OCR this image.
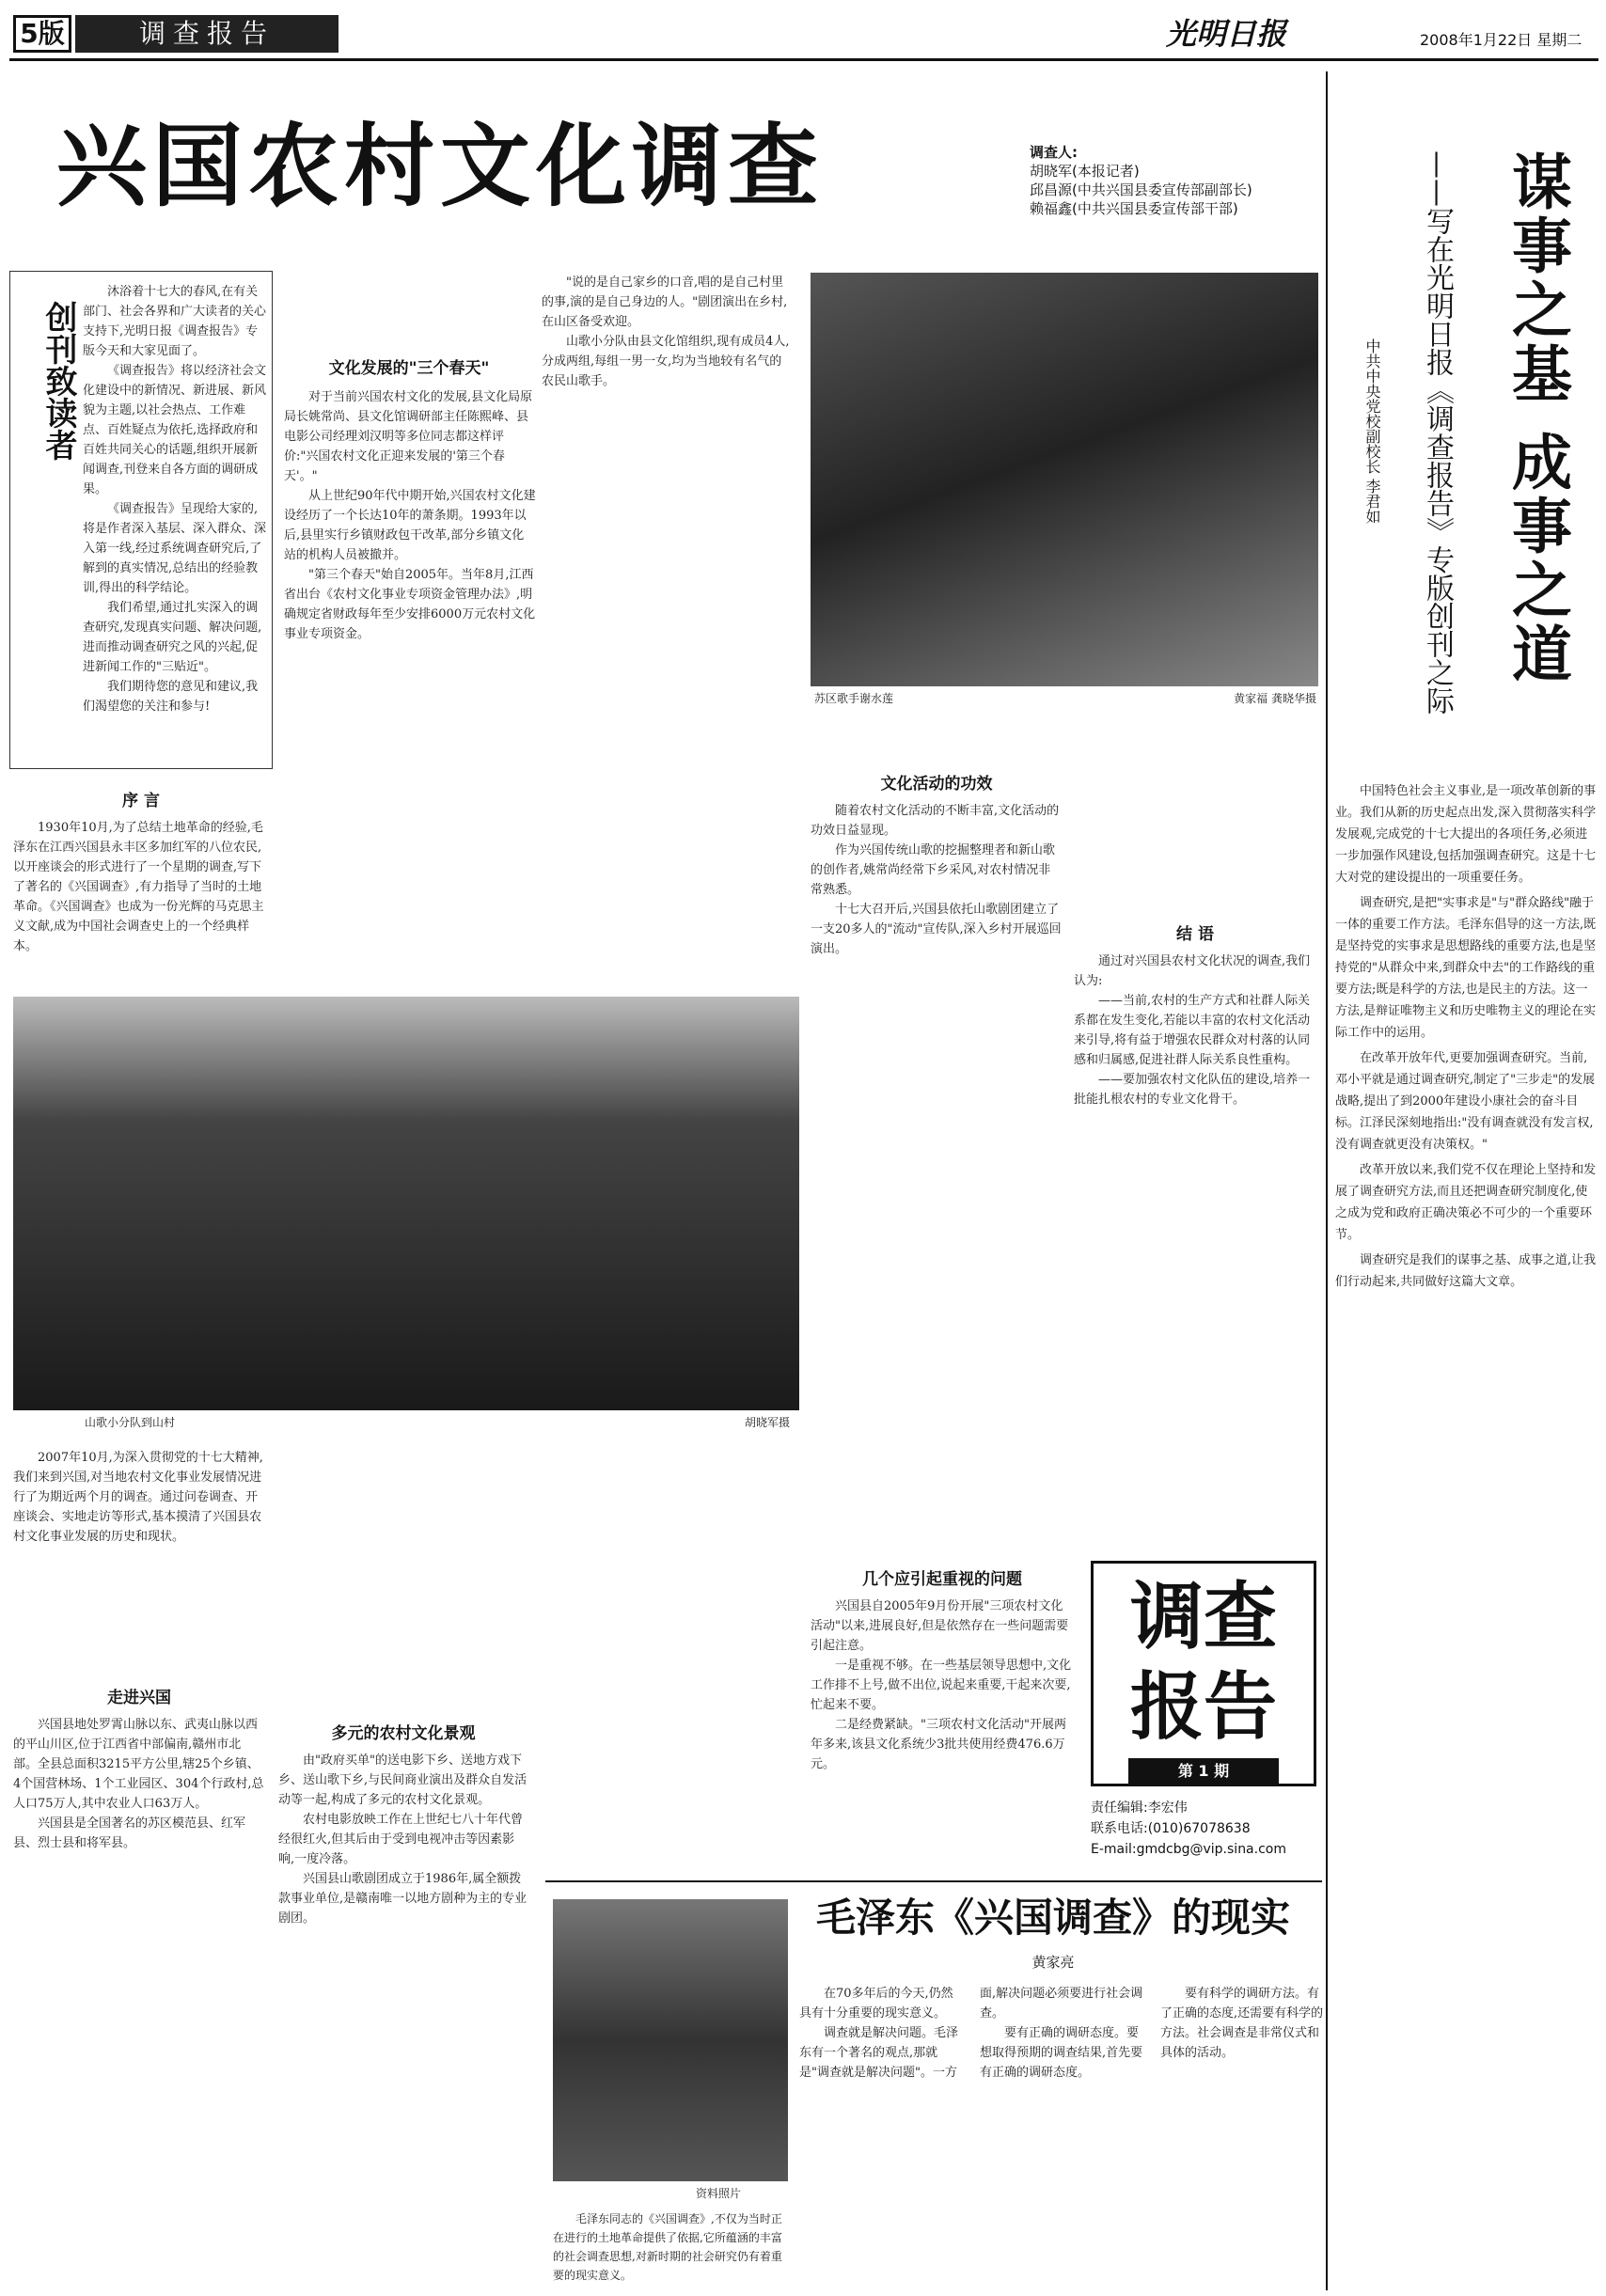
5版	调查报告	光明日报	2008年1月22日 星期二
兴国农村文化调查	调查人:
胡晓军(本报记者)
邱昌源(中共兴国县委宣传部副部长)
赖福鑫(中共兴国县委宣传部干部)	谋事之基 成事之道
——写在光明日报《调查报告》专版创刊之际
中共中央党校副校长 李君如

中国特色社会主义事业,是一项改革创新的事业。我们从新的历史起点出发,深入贯彻落实科学发展观,完成党的十七大提出的各项任务,必须进一步加强作风建设,包括加强调查研究。这是十七大对党的建设提出的一项重要任务。

调查研究,是把"实事求是"与"群众路线"融于一体的重要工作方法。毛泽东倡导的这一方法,既是坚持党的实事求是思想路线的重要方法,也是坚持党的"从群众中来,到群众中去"的工作路线的重要方法;既是科学的方法,也是民主的方法。这一方法,是辩证唯物主义和历史唯物主义的理论在实际工作中的运用。

在改革开放年代,更要加强调查研究。当前,邓小平就是通过调查研究,制定了"三步走"的发展战略,提出了到2000年建设小康社会的奋斗目标。江泽民深刻地指出:"没有调查就没有发言权,没有调查就更没有决策权。"

改革开放以来,我们党不仅在理论上坚持和发展了调查研究方法,而且还把调查研究制度化,使之成为党和政府正确决策必不可少的一个重要环节。

调查研究是我们的谋事之基、成事之道,让我们行动起来,共同做好这篇大文章。

创刊致读者

沐浴着十七大的春风,在有关部门、社会各界和广大读者的关心支持下,光明日报《调查报告》专版今天和大家见面了。

《调查报告》将以经济社会文化建设中的新情况、新进展、新风貌为主题,以社会热点、工作难点、百姓疑点为依托,选择政府和百姓共同关心的话题,组织开展新闻调查,刊登来自各方面的调研成果。

《调查报告》呈现给大家的,将是作者深入基层、深入群众、深入第一线,经过系统调查研究后,了解到的真实情况,总结出的经验教训,得出的科学结论。

我们希望,通过扎实深入的调查研究,发现真实问题、解决问题,进而推动调查研究之风的兴起,促进新闻工作的"三贴近"。

我们期待您的意见和建议,我们渴望您的关注和参与!

序 言

1930年10月,为了总结土地革命的经验,毛泽东在江西兴国县永丰区多加红军的八位农民,以开座谈会的形式进行了一个星期的调查,写下了著名的《兴国调查》,有力指导了当时的土地革命。《兴国调查》也成为一份光辉的马克思主义文献,成为中国社会调查史上的一个经典样本。

文化发展的"三个春天"

对于当前兴国农村文化的发展,县文化局原局长姚常尚、县文化馆调研部主任陈熙峰、县电影公司经理刘汉明等多位同志都这样评价:"兴国农村文化正迎来发展的'第三个春天'。"

从上世纪90年代中期开始,兴国农村文化建设经历了一个长达10年的萧条期。1993年以后,县里实行乡镇财政包干改革,部分乡镇文化站的机构人员被撤并。

"第三个春天"始自2005年。当年8月,江西省出台《农村文化事业专项资金管理办法》,明确规定省财政每年至少安排6000万元农村文化事业专项资金。

"说的是自己家乡的口音,唱的是自己村里的事,演的是自己身边的人。"剧团演出在乡村,在山区备受欢迎。

山歌小分队由县文化馆组织,现有成员4人,分成两组,每组一男一女,均为当地较有名气的农民山歌手。

苏区歌手谢水莲	黄家福 龚晓华摄
文化活动的功效

随着农村文化活动的不断丰富,文化活动的功效日益显现。

作为兴国传统山歌的挖掘整理者和新山歌的创作者,姚常尚经常下乡采风,对农村情况非常熟悉。

十七大召开后,兴国县依托山歌剧团建立了一支20多人的"流动"宣传队,深入乡村开展巡回演出。

结 语

通过对兴国县农村文化状况的调查,我们认为:

——当前,农村的生产方式和社群人际关系都在发生变化,若能以丰富的农村文化活动来引导,将有益于增强农民群众对村落的认同感和归属感,促进社群人际关系良性重构。

——要加强农村文化队伍的建设,培养一批能扎根农村的专业文化骨干。

山歌小分队到山村	胡晓军摄

2007年10月,为深入贯彻党的十七大精神,我们来到兴国,对当地农村文化事业发展情况进行了为期近两个月的调查。通过问卷调查、开座谈会、实地走访等形式,基本摸清了兴国县农村文化事业发展的历史和现状。

走进兴国

兴国县地处罗霄山脉以东、武夷山脉以西的平山川区,位于江西省中部偏南,赣州市北部。全县总面积3215平方公里,辖25个乡镇、4个国营林场、1个工业园区、304个行政村,总人口75万人,其中农业人口63万人。

兴国县是全国著名的苏区模范县、红军县、烈士县和将军县。

多元的农村文化景观

由"政府买单"的送电影下乡、送地方戏下乡、送山歌下乡,与民间商业演出及群众自发活动等一起,构成了多元的农村文化景观。

农村电影放映工作在上世纪七八十年代曾经很红火,但其后由于受到电视冲击等因素影响,一度冷落。

兴国县山歌剧团成立于1986年,属全额拨款事业单位,是赣南唯一以地方剧种为主的专业剧团。

几个应引起重视的问题

兴国县自2005年9月份开展"三项农村文化活动"以来,进展良好,但是依然存在一些问题需要引起注意。

一是重视不够。在一些基层领导思想中,文化工作排不上号,做不出位,说起来重要,干起来次要,忙起来不要。

二是经费紧缺。"三项农村文化活动"开展两年多来,该县文化系统少3批共使用经费476.6万元。

调查报告
第 1 期
责任编辑:李宏伟
联系电话:(010)67078638
E-mail:gmdcbg@vip.sina.com
资料照片
毛泽东同志的《兴国调查》,不仅为当时正在进行的土地革命提供了依据,它所蕴涵的丰富的社会调查思想,对新时期的社会研究仍有着重要的现实意义。
毛泽东《兴国调查》的现实
黄家亮

在70多年后的今天,仍然具有十分重要的现实意义。

调查就是解决问题。毛泽东有一个著名的观点,那就是"调查就是解决问题"。一方面,解决问题必须要进行社会调查。

要有正确的调研态度。要想取得预期的调查结果,首先要有正确的调研态度。

要有科学的调研方法。有了正确的态度,还需要有科学的方法。社会调查是非常仪式和具体的活动。
